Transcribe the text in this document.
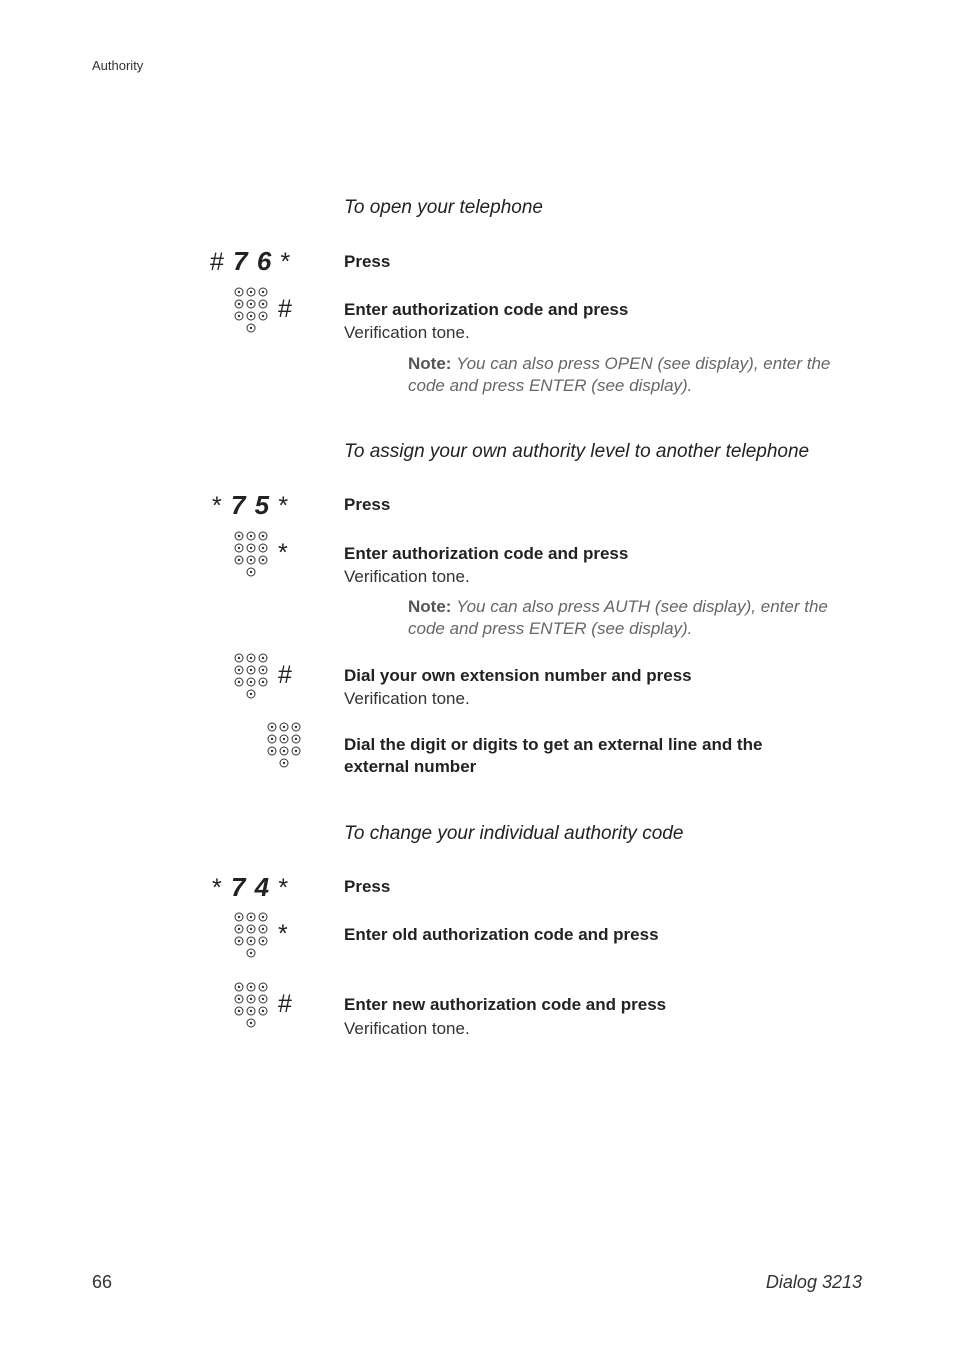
Authority
To open your telephone
# 7 6 *	Press
#	Enter authorization code and press
Verification tone.
Note: You can also press OPEN (see display), enter the code and press ENTER (see display).
To assign your own authority level to another telephone
* 7 5 *	Press
*	Enter authorization code and press
Verification tone.
Note: You can also press AUTH (see display), enter the code and press ENTER (see display).
#	Dial your own extension number and press
Verification tone.
Dial the digit or digits to get an external line and the
external number
To change your individual authority code
* 7 4 *	Press
*	Enter old authorization code and press
#	Enter new authorization code and press
Verification tone.
66	Dialog 3213
